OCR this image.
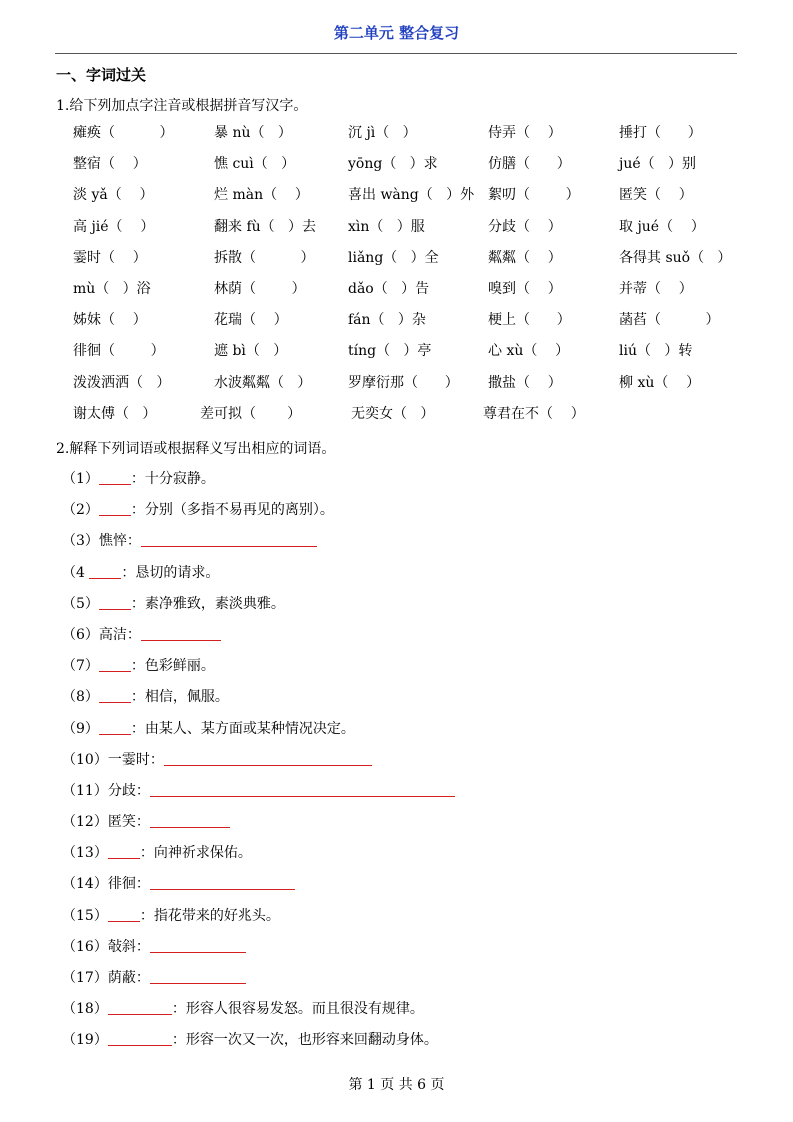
第二单元 整合复习
一、字词过关
1.给下列加点字注音或根据拼音写汉字。
瘫痪（          ）	暴 nù（   ）	沉 jì（   ）	侍弄（    ）	捶打（      ）
整宿（    ）	憔 cuì（   ）	yōng（   ）求	仿膳（      ）	jué（   ）别
淡 yǎ（    ）	烂 màn（    ）	喜出 wàng（   ）外 絮叨（        ）	匿笑（    ）
高 jié（    ）	翻来 fù（   ）去 xìn（   ）服	分歧（    ）	取 jué（    ）
霎时（    ）	拆散（          ） liǎng（   ）全	粼粼（    ）	各得其 suǒ（   ）
mù（   ）浴	林荫（        ）	dǎo（   ）告	嗅到（    ）	并蒂（    ）
姊妹（    ）	花瑞（    ）	fán（   ）杂	梗上（      ）	菡萏（          ）
徘徊（        ）	遮 bì（   ）	tíng（   ）亭	心 xù（    ）	liú（   ）转
泼泼洒洒（   ）	水波粼粼（   ）	罗摩衍那（      ） 撒盐（    ）	柳 xù（    ）
谢太傅（   ）	差可拟（       ）	无奕女（   ）	尊君在不（    ）
2.解释下列词语或根据释义写出相应的词语。
（1） ：十分寂静。
（2） ：分别（多指不易再见的离别）。
（3）憔悴：
（4 ：恳切的请求。
（5） ：素净雅致，素淡典雅。
（6）高洁：
（7） ：色彩鲜丽。
（8） ：相信，佩服。
（9） ：由某人、某方面或某种情况决定。
（10）一霎时：
（11）分歧：
（12）匿笑：
（13） ：向神祈求保佑。
（14）徘徊：
（15） ：指花带来的好兆头。
（16）敧斜：
（17）荫蔽：
（18）	：形容人很容易发怒。而且很没有规律。
（19）	：形容一次又一次，也形容来回翻动身体。
第 1 页 共 6 页
